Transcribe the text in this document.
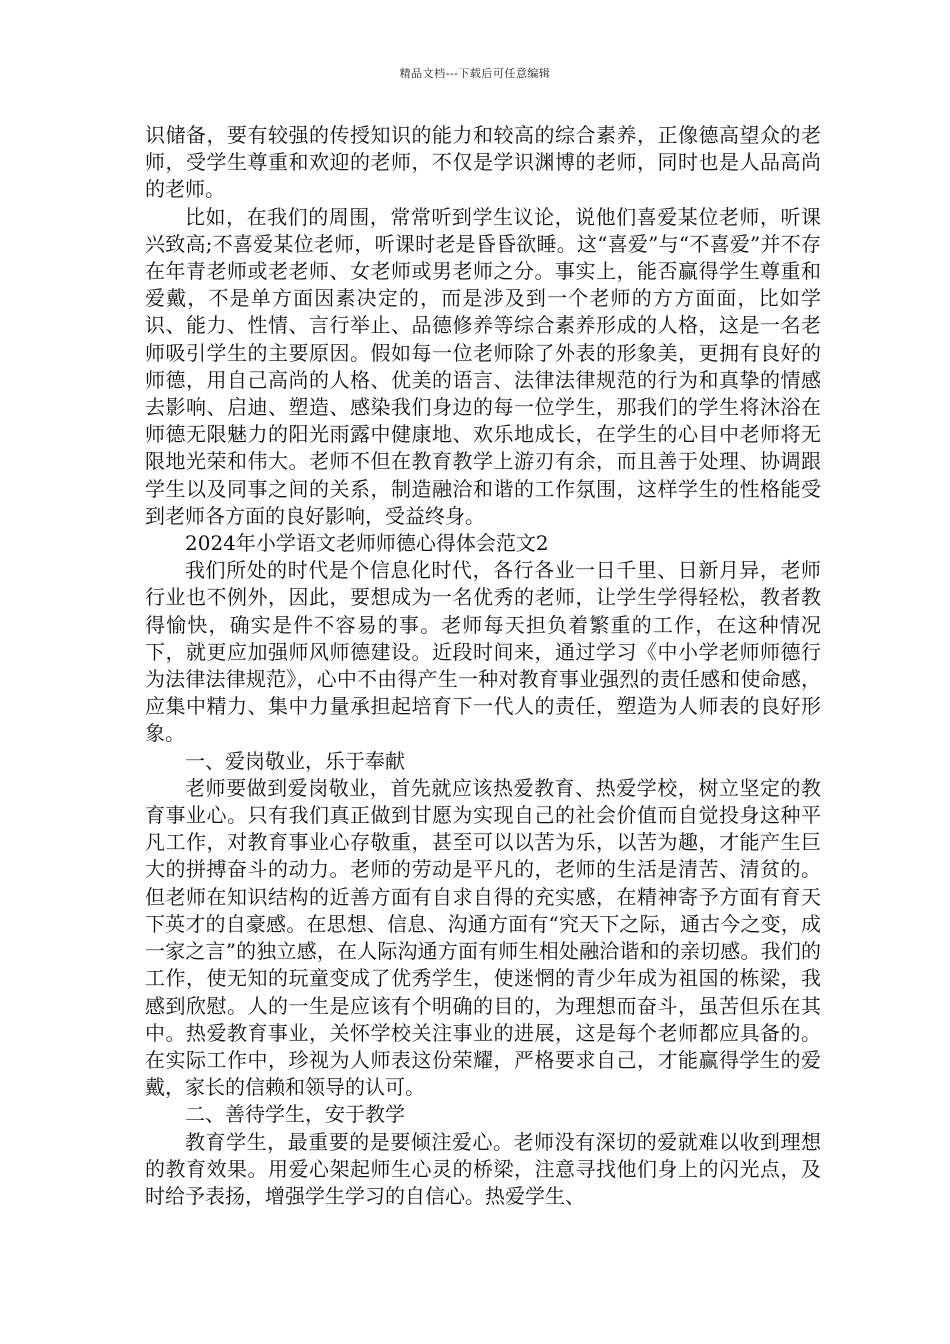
精品文档---下载后可任意编辑

识储备，要有较强的传授知识的能力和较高的综合素养，正像德高望众的老师，受学生尊重和欢迎的老师，不仅是学识渊博的老师，同时也是人品高尚的老师。

比如，在我们的周围，常常听到学生议论，说他们喜爱某位老师，听课兴致高;不喜爱某位老师，听课时老是昏昏欲睡。这“喜爱”与“不喜爱”并不存在年青老师或老老师、女老师或男老师之分。事实上，能否赢得学生尊重和爱戴，不是单方面因素决定的，而是涉及到一个老师的方方面面，比如学识、能力、性情、言行举止、品德修养等综合素养形成的人格，这是一名老师吸引学生的主要原因。假如每一位老师除了外表的形象美，更拥有良好的师德，用自己高尚的人格、优美的语言、法律法律规范的行为和真挚的情感去影响、启迪、塑造、感染我们身边的每一位学生，那我们的学生将沐浴在师德无限魅力的阳光雨露中健康地、欢乐地成长，在学生的心目中老师将无限地光荣和伟大。老师不但在教育教学上游刃有余，而且善于处理、协调跟学生以及同事之间的关系，制造融洽和谐的工作氛围，这样学生的性格能受到老师各方面的良好影响，受益终身。

2024年小学语文老师师德心得体会范文2

我们所处的时代是个信息化时代，各行各业一日千里、日新月异，老师行业也不例外，因此，要想成为一名优秀的老师，让学生学得轻松，教者教得愉快，确实是件不容易的事。老师每天担负着繁重的工作，在这种情况下，就更应加强师风师德建设。近段时间来，通过学习《中小学老师师德行为法律法律规范》，心中不由得产生一种对教育事业强烈的责任感和使命感，应集中精力、集中力量承担起培育下一代人的责任，塑造为人师表的良好形象。

一、爱岗敬业，乐于奉献

老师要做到爱岗敬业，首先就应该热爱教育、热爱学校，树立坚定的教育事业心。只有我们真正做到甘愿为实现自己的社会价值而自觉投身这种平凡工作，对教育事业心存敬重，甚至可以以苦为乐，以苦为趣，才能产生巨大的拼搏奋斗的动力。老师的劳动是平凡的，老师的生活是清苦、清贫的。但老师在知识结构的近善方面有自求自得的充实感，在精神寄予方面有育天下英才的自豪感。在思想、信息、沟通方面有“究天下之际，通古今之变，成一家之言”的独立感，在人际沟通方面有师生相处融洽谐和的亲切感。我们的工作，使无知的玩童变成了优秀学生，使迷惘的青少年成为祖国的栋梁，我感到欣慰。人的一生是应该有个明确的目的，为理想而奋斗，虽苦但乐在其中。热爱教育事业，关怀学校关注事业的进展，这是每个老师都应具备的。在实际工作中，珍视为人师表这份荣耀，严格要求自己，才能赢得学生的爱戴，家长的信赖和领导的认可。

二、善待学生，安于教学

教育学生，最重要的是要倾注爱心。老师没有深切的爱就难以收到理想的教育效果。用爱心架起师生心灵的桥梁，注意寻找他们身上的闪光点，及时给予表扬，增强学生学习的自信心。热爱学生、
